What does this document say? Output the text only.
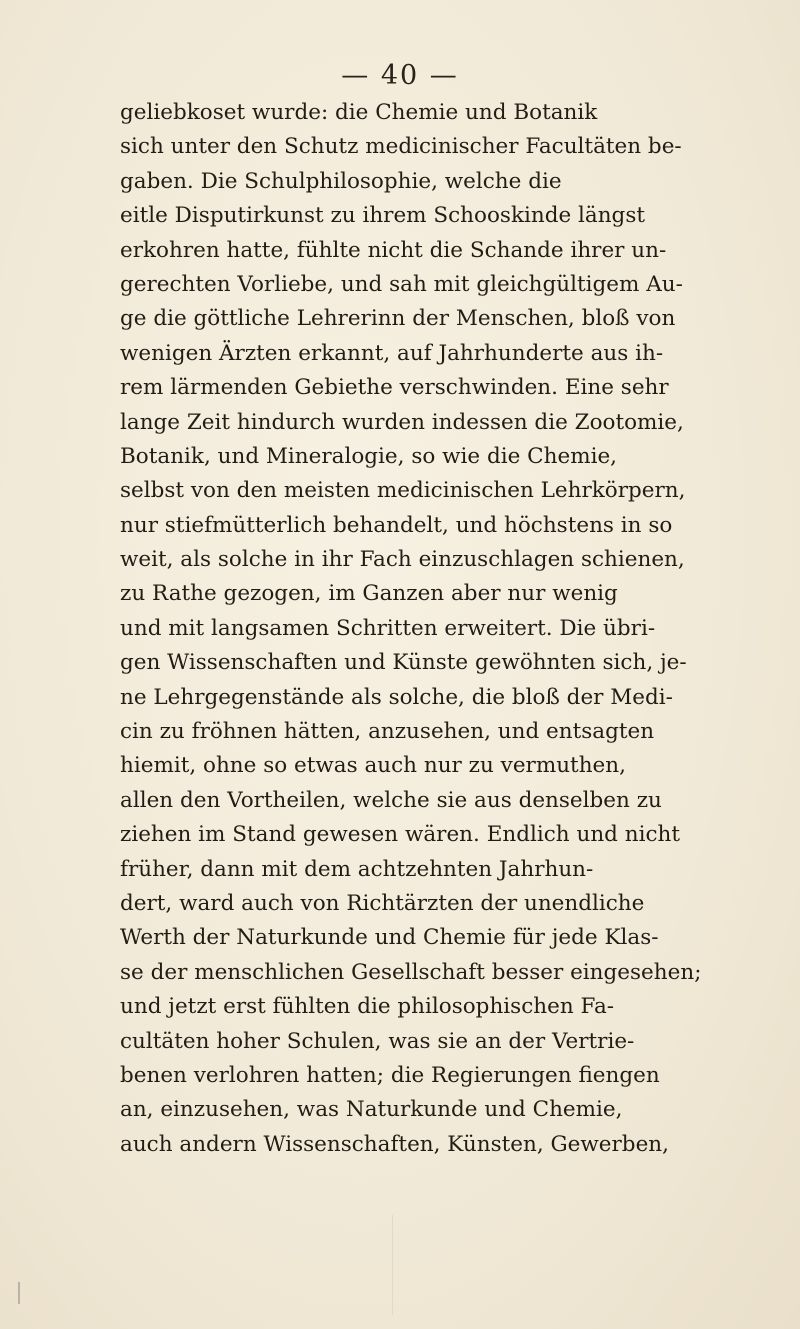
— 40 —
geliebkoset wurde: die Chemie und Botanik
sich unter den Schutz medicinischer Facultäten be-
gaben. Die Schulphilosophie, welche die
eitle Disputirkunst zu ihrem Schooskinde längst
erkohren hatte, fühlte nicht die Schande ihrer un-
gerechten Vorliebe, und sah mit gleichgültigem Au-
ge die göttliche Lehrerinn der Menschen, bloß von
wenigen Ärzten erkannt, auf Jahrhunderte aus ih-
rem lärmenden Gebiethe verschwinden. Eine sehr
lange Zeit hindurch wurden indessen die Zootomie,
Botanik, und Mineralogie, so wie die Chemie,
selbst von den meisten medicinischen Lehrkörpern,
nur stiefmütterlich behandelt, und höchstens in so
weit, als solche in ihr Fach einzuschlagen schienen,
zu Rathe gezogen, im Ganzen aber nur wenig
und mit langsamen Schritten erweitert. Die übri-
gen Wissenschaften und Künste gewöhnten sich, je-
ne Lehrgegenstände als solche, die bloß der Medi-
cin zu fröhnen hätten, anzusehen, und entsagten
hiemit, ohne so etwas auch nur zu vermuthen,
allen den Vortheilen, welche sie aus denselben zu
ziehen im Stand gewesen wären. Endlich und nicht
früher, dann mit dem achtzehnten Jahrhun-
dert, ward auch von Richtärzten der unendliche
Werth der Naturkunde und Chemie für jede Klas-
se der menschlichen Gesellschaft besser eingesehen;
und jetzt erst fühlten die philosophischen Fa-
cultäten hoher Schulen, was sie an der Vertrie-
benen verlohren hatten; die Regierungen fiengen
an, einzusehen, was Naturkunde und Chemie,
auch andern Wissenschaften, Künsten, Gewerben,
